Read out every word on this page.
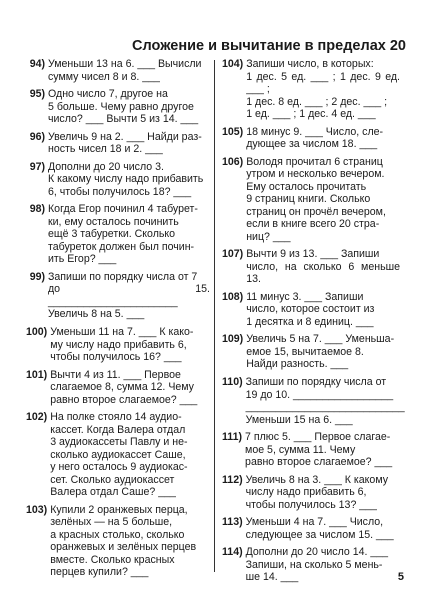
Сложение и вычитание в пределах 20
94) Уменьши 13 на 6. ___ Вычисли
сумму чисел 8 и 8. ___
95) Одно число 7, другое на
5 больше. Чему равно другое
число? ___ Вычти 5 из 14. ___
96) Увеличь 9 на 2. ___ Найди раз-
ность чисел 18 и 2. ___
97) Дополни до 20 число 3.
К какому числу надо прибавить
6, чтобы получилось 18? ___
98) Когда Егор починил 4 табурет-
ки, ему осталось починить
ещё 3 табуретки. Сколько
табуреток должен был почин-
ить Егор? ___
99) Запиши по порядку числа от 7
до 15. ______________________
Увеличь 8 на 5. ___
100) Уменьши 11 на 7. ___ К како-
му числу надо прибавить 6,
чтобы получилось 16? ___
101) Вычти 4 из 11. ___ Первое
слагаемое 8, сумма 12. Чему
равно второе слагаемое? ___
102) На полке стояло 14 аудио-
кассет. Когда Валера отдал
3 аудиокассеты Павлу и не-
сколько аудиокассет Саше,
у него осталось 9 аудиокас-
сет. Сколько аудиокассет
Валера отдал Саше? ___
103) Купили 2 оранжевых перца,
зелёных — на 5 больше,
а красных столько, сколько
оранжевых и зелёных перцев
вместе. Сколько красных
перцев купили? ___
104) Запиши число, в которых:
1 дес. 5 ед. ___ ; 1 дес. 9 ед. ___ ;
1 дес. 8 ед. ___ ; 2 дес. ___ ;
1 ед. ___ ; 1 дес. 4 ед. ___
105) 18 минус 9. ___ Число, сле-
дующее за числом 18. ___
106) Володя прочитал 6 страниц
утром и несколько вечером.
Ему осталось прочитать
9 страниц книги. Сколько
страниц он прочёл вечером,
если в книге всего 20 стра-
ниц? ___
107) Вычти 9 из 13. ___ Запиши
число, на сколько 6 меньше 13.
108) 11 минус 3. ___ Запиши
число, которое состоит из
1 десятка и 8 единиц. ___
109) Увеличь 5 на 7. ___ Уменьша-
емое 15, вычитаемое 8.
Найди разность. ___
110) Запиши по порядку числа от
19 до 10. _________________
___________________________
Уменьши 15 на 6. ___
111) 7 плюс 5. ___ Первое слагае-
мое 5, сумма 11. Чему
равно второе слагаемое? ___
112) Увеличь 8 на 3. ___ К какому
числу надо прибавить 6,
чтобы получилось 13? ___
113) Уменьши 4 на 7. ___ Число,
следующее за числом 15. ___
114) Дополни до 20 число 14. ___
Запиши, на сколько 5 мень-
ше 14. ___	5
